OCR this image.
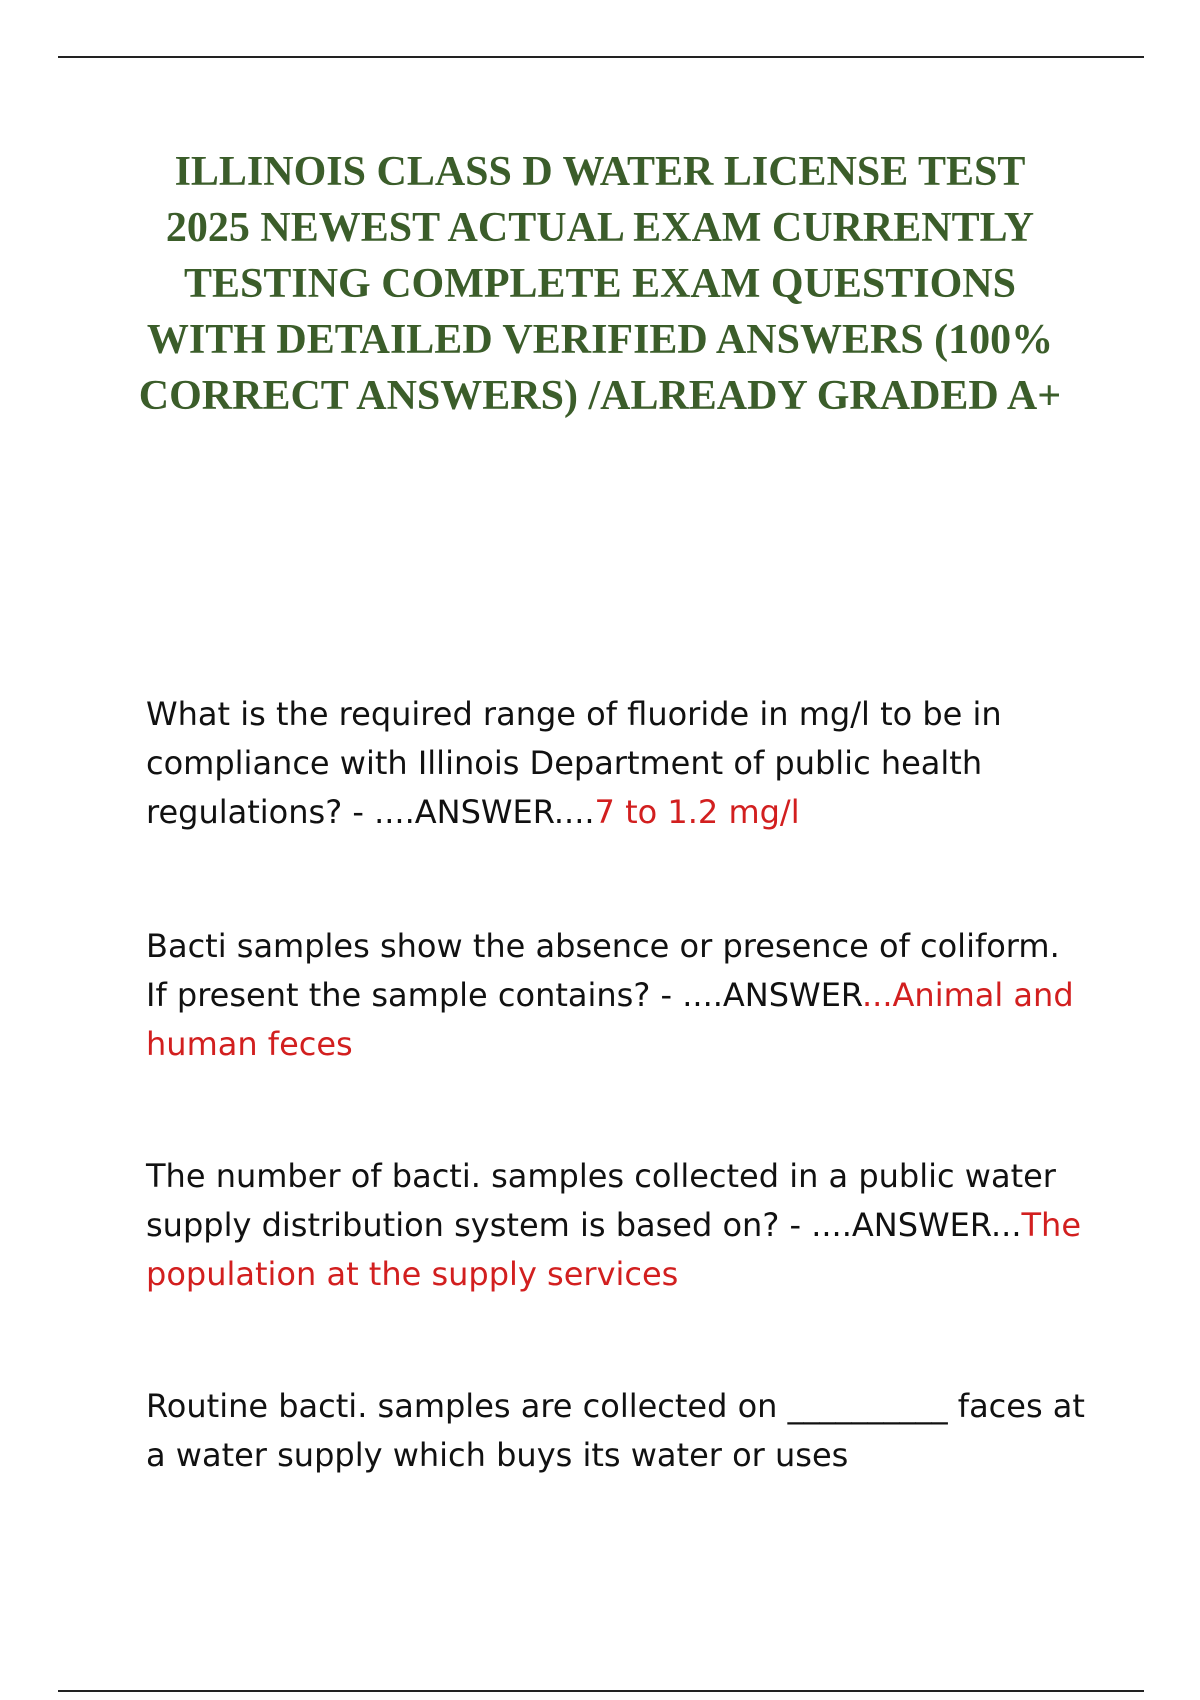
ILLINOIS CLASS D WATER LICENSE TEST 2025 NEWEST ACTUAL EXAM CURRENTLY TESTING COMPLETE EXAM QUESTIONS WITH DETAILED VERIFIED ANSWERS (100% CORRECT ANSWERS) /ALREADY GRADED A+

What is the required range of fluoride in mg/l to be in compliance with Illinois Department of public health regulations? - ....ANSWER....7 to 1.2 mg/l

Bacti samples show the absence or presence of coliform. If present the sample contains? - ....ANSWER...Animal and human feces

The number of bacti. samples collected in a public water supply distribution system is based on? - ....ANSWER...The population at the supply services

Routine bacti. samples are collected on __________ faces at a water supply which buys its water or uses
